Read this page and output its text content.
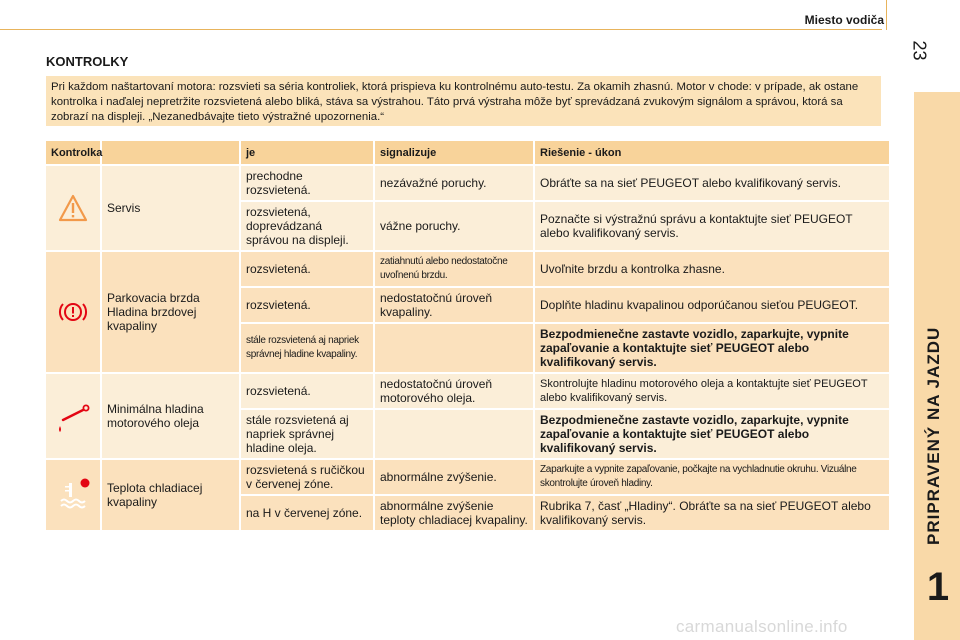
Miesto vodiča
23
PRIPRAVENÝ NA JAZDU
1
KONTROLKY
Pri každom naštartovaní motora: rozsvieti sa séria kontroliek, ktorá prispieva ku kontrolnému auto-testu. Za okamih zhasnú. Motor v chode: v prípade, ak ostane kontrolka i naďalej nepretržite rozsvietená alebo bliká, stáva sa výstrahou. Táto prvá výstraha môže byť sprevádzaná zvukovým signálom a správou, ktorá sa zobrazí na displeji. „Nezanedbávajte tieto výstražné upozornenia.“
Kontrolka		je	signalizuje	Riešenie - úkon

	Servis	prechodne rozsvietená.	nezávažné poruchy.	Obráťte sa na sieť PEUGEOT alebo kvalifikovaný servis.
		rozsvietená, doprevádzaná správou na displeji.	vážne poruchy.	Poznačte si výstražnú správu a kontaktujte sieť PEUGEOT alebo kvalifikovaný servis.

	Parkovacia brzda Hladina brzdovej kvapaliny	rozsvietená.	zatiahnutú alebo nedostatočne uvoľnenú brzdu.	Uvoľnite brzdu a kontrolka zhasne.
		rozsvietená.	nedostatočnú úroveň kvapaliny.	Doplňte hladinu kvapalinou odporúčanou sieťou PEUGEOT.
		stále rozsvietená aj napriek správnej hladine kvapaliny.		Bezpodmienečne zastavte vozidlo, zaparkujte, vypnite zapaľovanie a kontaktujte sieť PEUGEOT alebo kvalifikovaný servis.

	Minimálna hladina motorového oleja	rozsvietená.	nedostatočnú úroveň motorového oleja.	Skontrolujte hladinu motorového oleja a kontaktujte sieť PEUGEOT alebo kvalifikovaný servis.
		stále rozsvietená aj napriek správnej hladine oleja.		Bezpodmienečne zastavte vozidlo, zaparkujte, vypnite zapaľovanie a kontaktujte sieť PEUGEOT alebo kvalifikovaný servis.

	Teplota chladiacej kvapaliny	rozsvietená s ručičkou v červenej zóne.	abnormálne zvýšenie.	Zaparkujte a vypnite zapaľovanie, počkajte na vychladnutie okruhu. Vizuálne skontrolujte úroveň hladiny.
		na H v červenej zóne.	abnormálne zvýšenie teploty chladiacej kvapaliny.	Rubrika 7, časť „Hladiny“. Obráťte sa na sieť PEUGEOT alebo kvalifikovaný servis.
carmanualsonline.info
